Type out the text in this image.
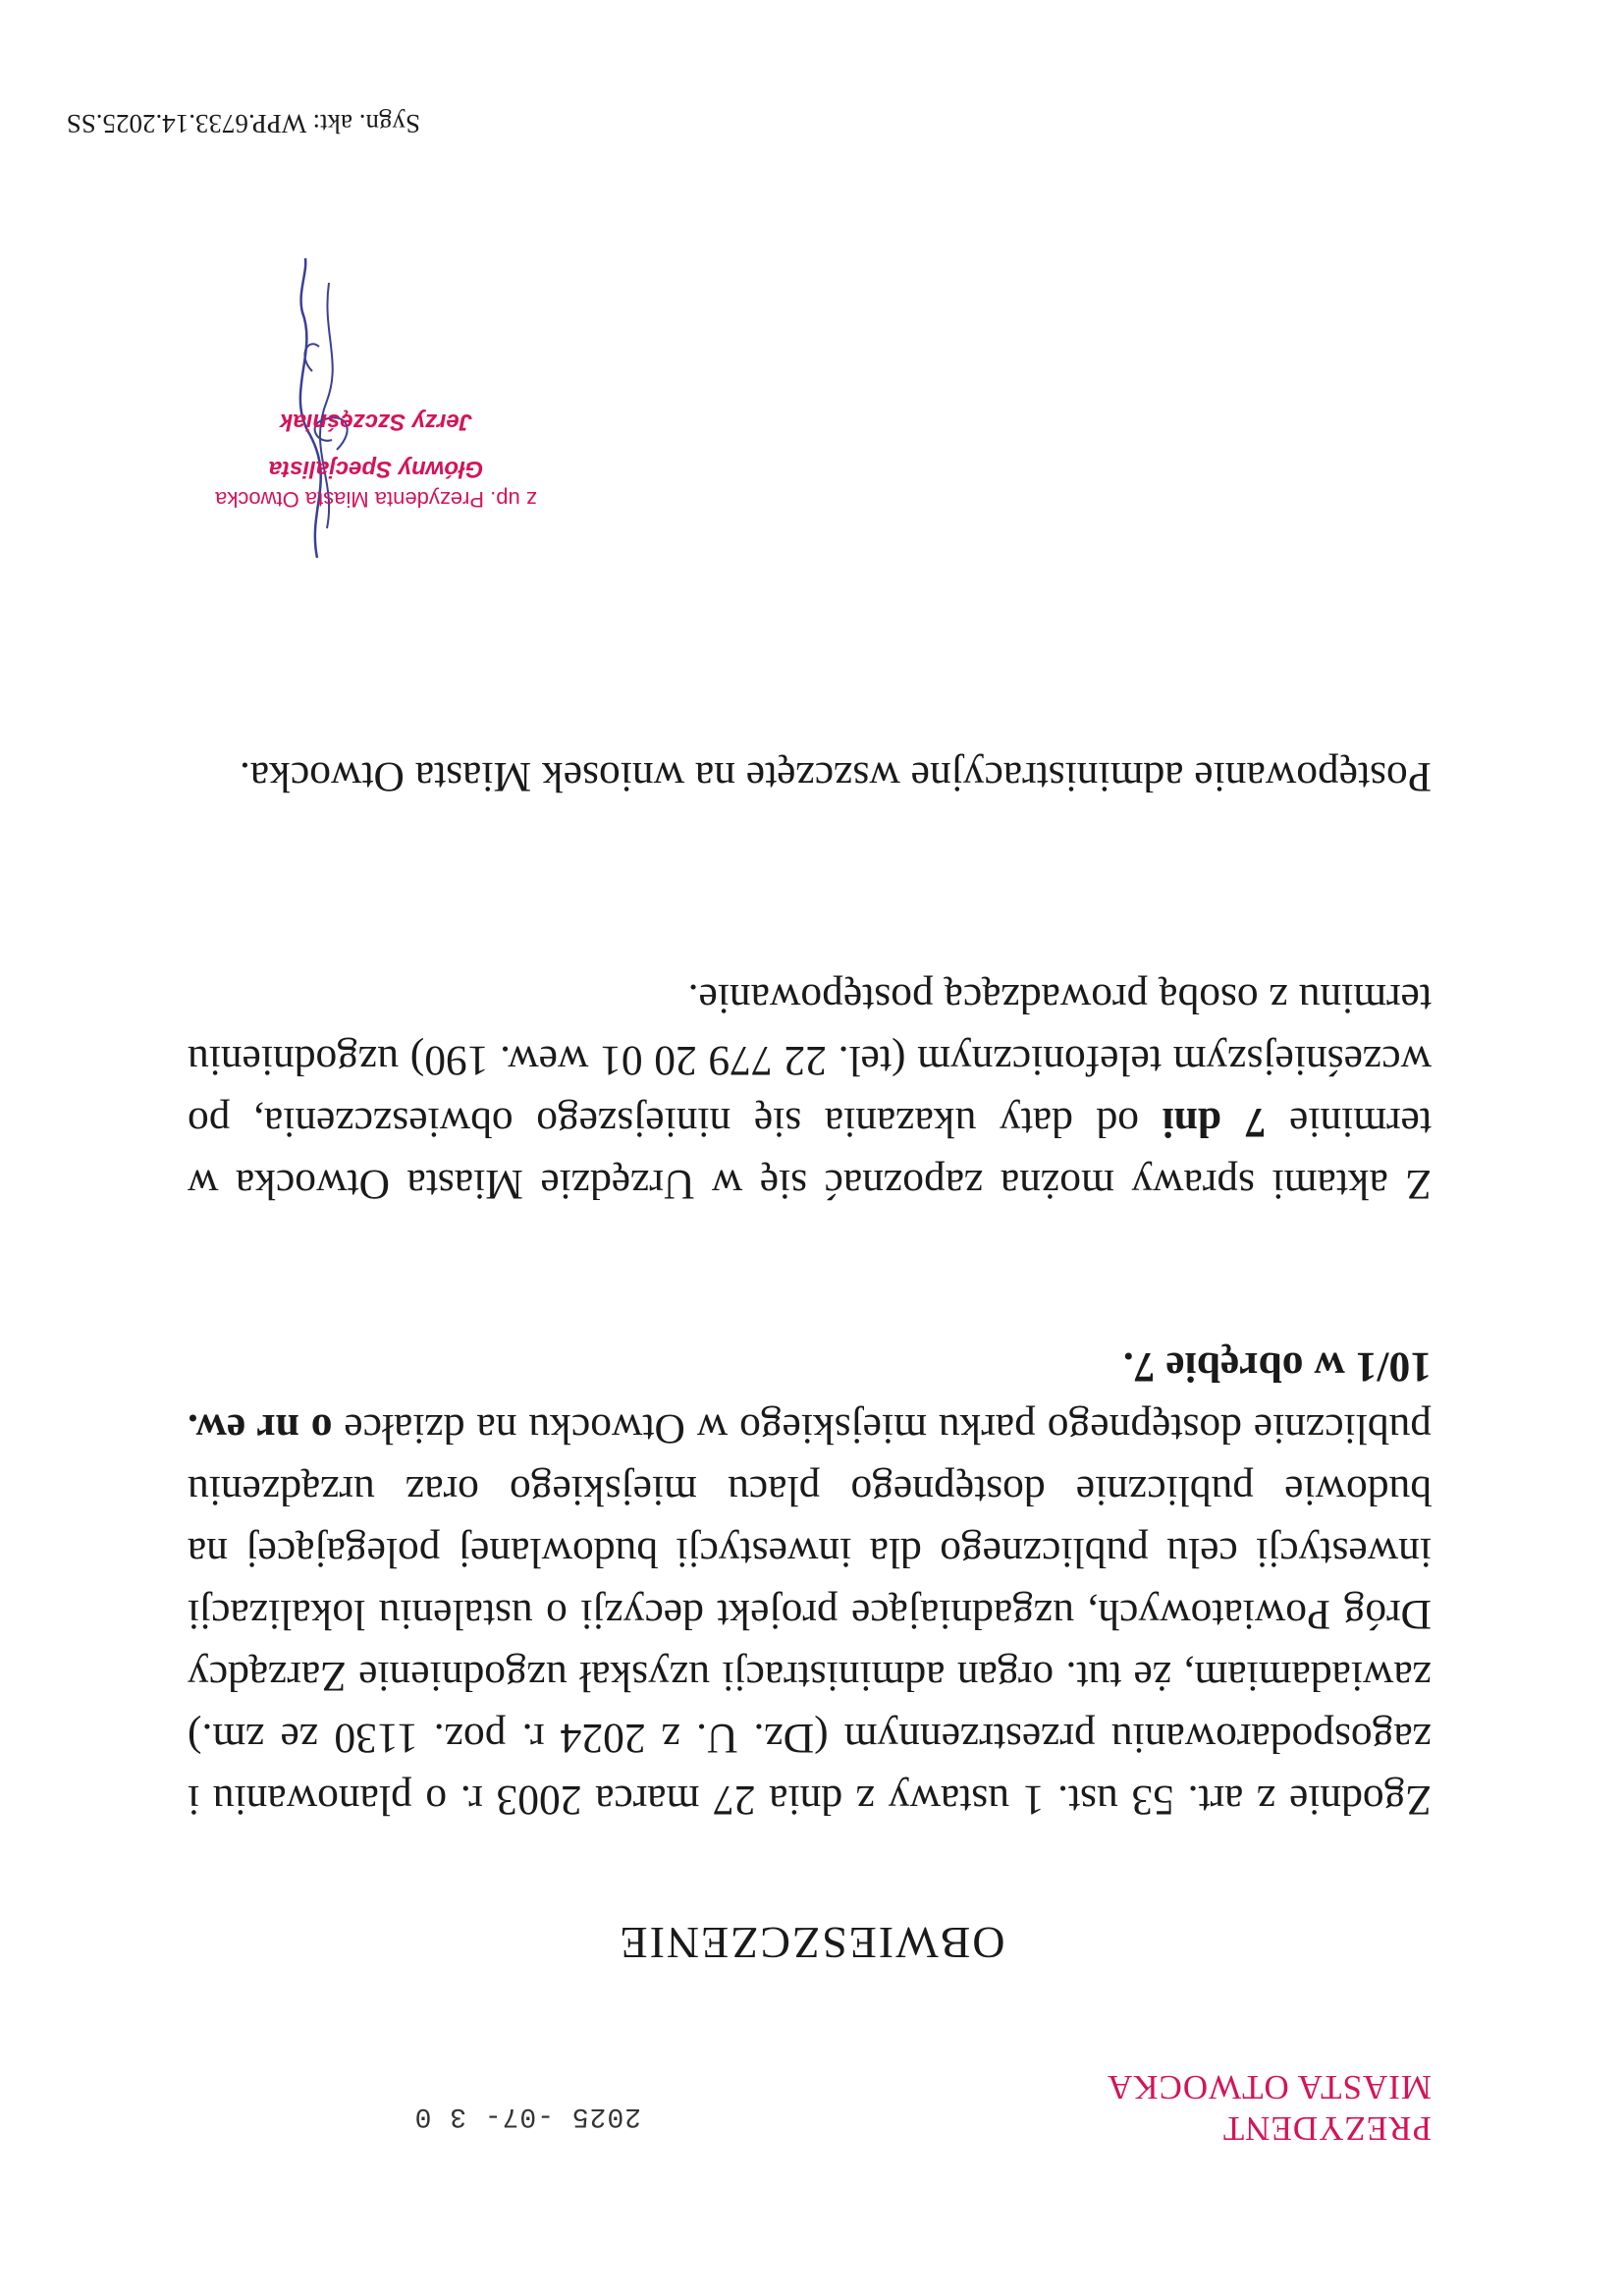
PREZYDENT
MIASTA OTWOCKA
2025 -07- 3 0
OBWIESZCZENIE

Zgodnie z art. 53 ust. 1 ustawy z dnia 27 marca 2003 r. o planowaniu i zagospodarowaniu przestrzennym (Dz. U. z 2024 r. poz. 1130 ze zm.) zawiadamiam, że tut. organ administracji uzyskał uzgodnienie Zarządcy Dróg Powiatowych, uzgadniające projekt decyzji o ustaleniu lokalizacji inwestycji celu publicznego dla inwestycji budowlanej polegającej na budowie publicznie dostępnego placu miejskiego oraz urządzeniu publicznie dostępnego parku miejskiego w Otwocku na działce o nr ew. 10/1 w obrębie 7.

Z aktami sprawy można zapoznać się w Urzędzie Miasta Otwocka w terminie 7 dni od daty ukazania się niniejszego obwieszczenia, po wcześniejszym telefonicznym (tel. 22 779 20 01 wew. 190) uzgodnieniu terminu z osobą prowadzącą postępowanie.

Postępowanie administracyjne wszczęte na wniosek Miasta Otwocka.

z up. Prezydenta Miasta Otwocka
Główny Specjalista
Jerzy Szczęśniak
Sygn. akt: WPP.6733.14.2025.SS
